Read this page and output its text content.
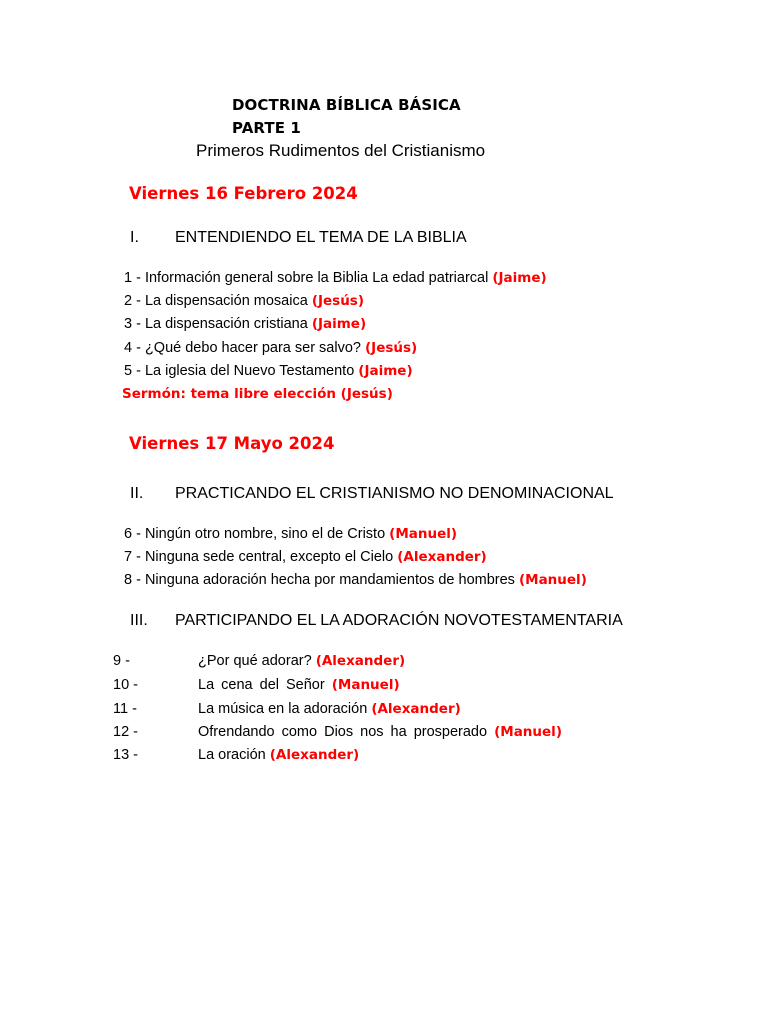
DOCTRINA BÍBLICA BÁSICA
PARTE 1
Primeros Rudimentos del Cristianismo
Viernes 16 Febrero 2024
I. ENTENDIENDO EL TEMA DE LA BIBLIA
1 - Información general sobre la Biblia La edad patriarcal (Jaime)
2 - La dispensación mosaica (Jesús)
3 - La dispensación cristiana (Jaime)
4 - ¿Qué debo hacer para ser salvo? (Jesús)
5 - La iglesia del Nuevo Testamento (Jaime)
Sermón: tema libre elección (Jesús)
Viernes 17 Mayo 2024
II. PRACTICANDO EL CRISTIANISMO NO DENOMINACIONAL
6 - Ningún otro nombre, sino el de Cristo (Manuel)
7 - Ninguna sede central, excepto el Cielo (Alexander)
8 - Ninguna adoración hecha por mandamientos de hombres (Manuel)
III. PARTICIPANDO EL LA ADORACIÓN NOVOTESTAMENTARIA
9 -	¿Por qué adorar? (Alexander)
10 -	La cena del Señor (Manuel)
11 -	La música en la adoración (Alexander)
12 -	Ofrendando como Dios nos ha prosperado (Manuel)
13 -	La oración (Alexander)
